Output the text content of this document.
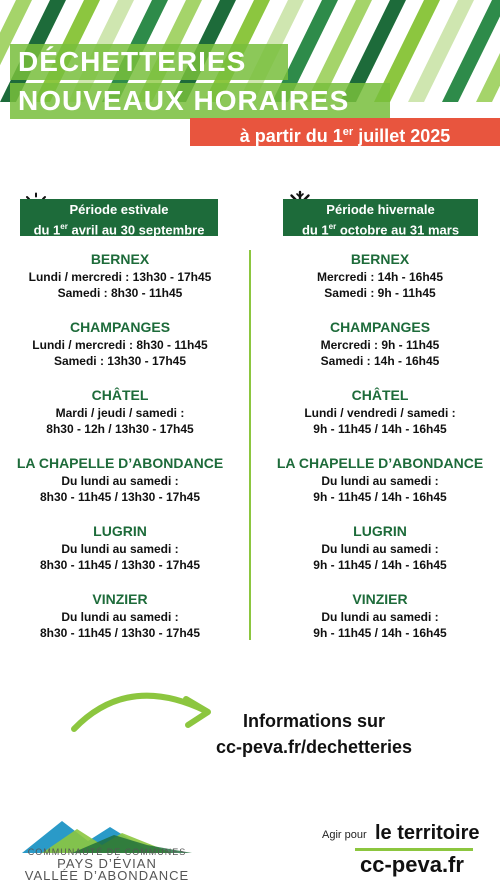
DÉCHETTERIES
NOUVEAUX HORAIRES
à partir du 1er juillet 2025
Période estivale
du 1er avril au 30 septembre
Période hivernale
du 1er octobre au 31 mars
BERNEX
Lundi / mercredi : 13h30 - 17h45
Samedi : 8h30 - 11h45
CHAMPANGES
Lundi / mercredi : 8h30 - 11h45
Samedi : 13h30 - 17h45
CHÂTEL
Mardi / jeudi / samedi :
8h30 - 12h / 13h30 - 17h45
LA CHAPELLE D’ABONDANCE
Du lundi au samedi :
8h30 - 11h45 / 13h30 - 17h45
LUGRIN
Du lundi au samedi :
8h30 - 11h45 / 13h30 - 17h45
VINZIER
Du lundi au samedi :
8h30 - 11h45 / 13h30 - 17h45
BERNEX
Mercredi : 14h - 16h45
Samedi : 9h - 11h45
CHAMPANGES
Mercredi : 9h - 11h45
Samedi : 14h - 16h45
CHÂTEL
Lundi / vendredi / samedi :
9h - 11h45 / 14h - 16h45
LA CHAPELLE D’ABONDANCE
Du lundi au samedi :
9h - 11h45 / 14h - 16h45
LUGRIN
Du lundi au samedi :
9h - 11h45 / 14h - 16h45
VINZIER
Du lundi au samedi :
9h - 11h45 / 14h - 16h45
Informations sur
cc-peva.fr/dechetteries
COMMUNAUTÉ DE COMMUNES
PAYS D’ÉVIAN
VALLÉE D’ABONDANCE
Agir pour le territoire
cc-peva.fr
